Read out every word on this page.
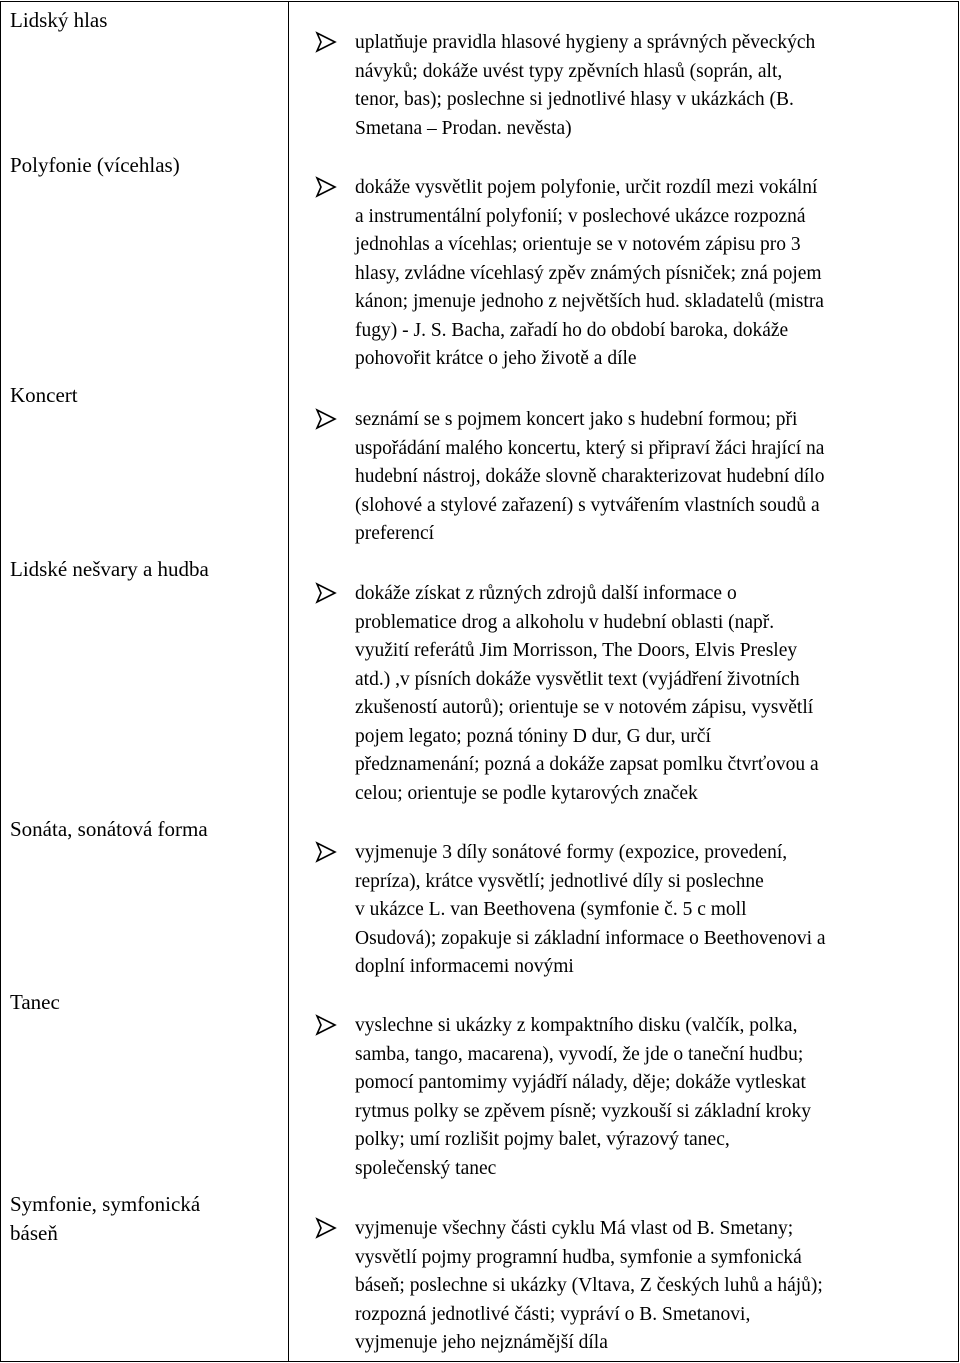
Lidský hlas
Polyfonie (vícehlas)
Koncert
Lidské nešvary a hudba
Sonáta, sonátová forma
Tanec
Symfonie, symfonická
báseň
uplatňuje pravidla hlasové hygieny a správných pěveckých
návyků; dokáže uvést typy zpěvních hlasů (soprán, alt,
tenor, bas); poslechne si jednotlivé hlasy v ukázkách (B.
Smetana – Prodan. nevěsta)
dokáže vysvětlit pojem polyfonie, určit rozdíl mezi vokální
a instrumentální polyfonií; v poslechové ukázce rozpozná
jednohlas a vícehlas; orientuje se v notovém zápisu pro 3
hlasy, zvládne vícehlasý zpěv známých písniček; zná pojem
kánon; jmenuje jednoho z největších hud. skladatelů (mistra
fugy) - J. S. Bacha, zařadí ho do období baroka, dokáže
pohovořit krátce o jeho životě a díle
seznámí se s pojmem koncert jako s hudební formou; při
uspořádání malého koncertu, který si připraví žáci hrající na
hudební nástroj, dokáže slovně charakterizovat hudební dílo
(slohové a stylové zařazení) s vytvářením vlastních soudů a
preferencí
dokáže získat z různých zdrojů další informace o
problematice drog a alkoholu v hudební oblasti (např.
využití referátů Jim Morrisson, The Doors, Elvis Presley
atd.) ,v písních dokáže vysvětlit text (vyjádření životních
zkušeností autorů); orientuje se v notovém zápisu, vysvětlí
pojem legato; pozná tóniny D dur, G dur, určí
předznamenání; pozná a dokáže zapsat pomlku čtvrťovou a
celou; orientuje se podle kytarových značek
vyjmenuje 3 díly sonátové formy (expozice, provedení,
repríza), krátce vysvětlí; jednotlivé díly si poslechne
v ukázce L. van Beethovena (symfonie č. 5 c moll
Osudová); zopakuje si základní informace o Beethovenovi a
doplní informacemi novými
vyslechne si ukázky z kompaktního disku (valčík, polka,
samba, tango, macarena), vyvodí, že jde o taneční hudbu;
pomocí pantomimy vyjádří nálady, děje; dokáže vytleskat
rytmus polky se zpěvem písně; vyzkouší si základní kroky
polky; umí rozlišit pojmy balet, výrazový tanec,
společenský tanec
vyjmenuje všechny části cyklu Má vlast od B. Smetany;
vysvětlí pojmy programní hudba, symfonie a symfonická
báseň; poslechne si ukázky (Vltava, Z českých luhů a hájů);
rozpozná jednotlivé části; vypráví o B. Smetanovi,
vyjmenuje jeho nejznámější díla
